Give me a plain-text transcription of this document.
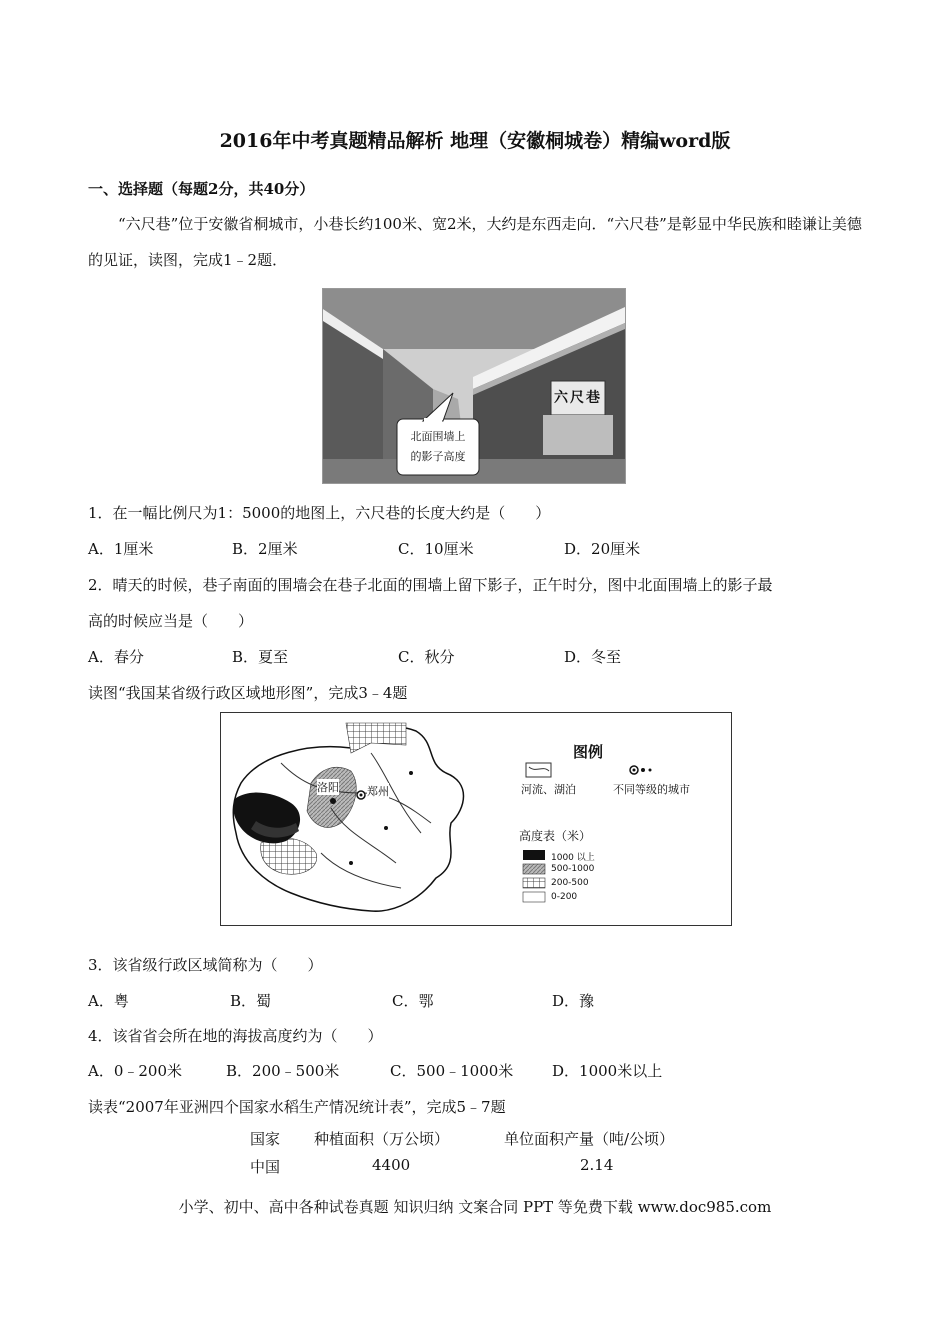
2016年中考真题精品解析 地理（安徽桐城卷）精编word版
一、选择题（每题2分，共40分）
“六尺巷”位于安徽省桐城市，小巷长约100米、宽2米，大约是东西走向．“六尺巷”是彰显中华民族和睦谦让美德的见证，读图，完成1﹣2题．
六尺巷
北面围墙上
的影子高度
1．在一幅比例尺为1：5000的地图上，六尺巷的长度大约是（　　）
A．1厘米	B．2厘米	C．10厘米	D．20厘米
2．晴天的时候，巷子南面的围墙会在巷子北面的围墙上留下影子，正午时分，图中北面围墙上的影子最
高的时候应当是（　　）
A．春分	B．夏至	C．秋分	D．冬至
读图“我国某省级行政区域地形图”，完成3﹣4题
洛阳	郑州
图例
河流、湖泊	不同等级的城市
高度表（米）
1000 以上
500-1000
200-500
0-200
3．该省级行政区域简称为（　　）
A．粤	B．蜀	C．鄂	D．豫
4．该省省会所在地的海拔高度约为（　　）
A．0﹣200米	B．200﹣500米	C．500﹣1000米	D．1000米以上
读表“2007年亚洲四个国家水稻生产情况统计表”，完成5﹣7题
国家 种植面积（万公顷）	单位面积产量（吨/公顷）
中国	4400	2.14
小学、初中、高中各种试卷真题 知识归纳 文案合同 PPT 等免费下载 www.doc985.com
